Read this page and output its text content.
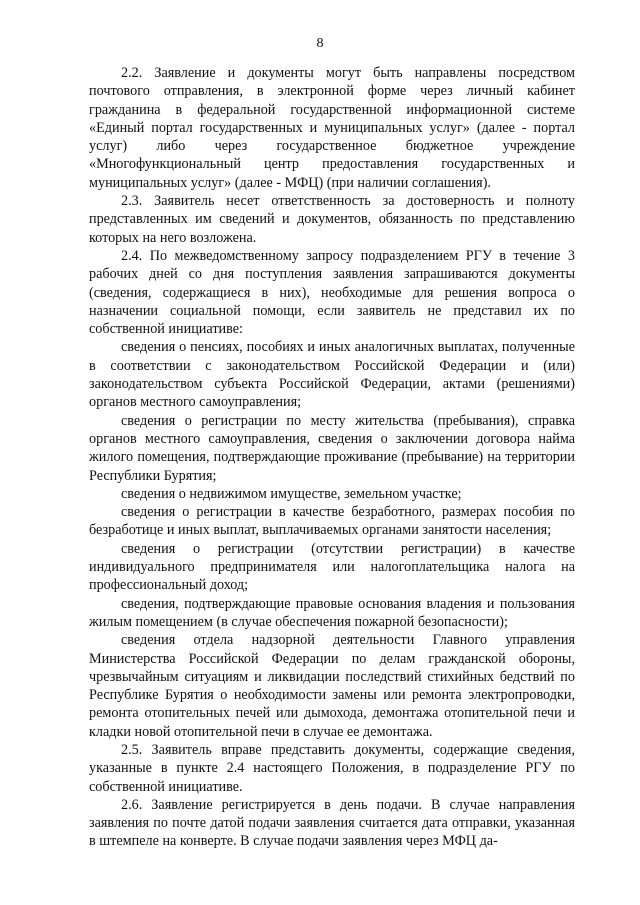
8

2.2. Заявление и документы могут быть направлены посредством почтового отправления, в электронной форме через личный кабинет гражданина в федеральной государственной информационной системе «Единый портал государственных и муниципальных услуг» (далее - портал услуг) либо через государственное бюджетное учреждение «Многофункциональный центр предоставления государственных и муниципальных услуг» (далее - МФЦ) (при наличии соглашения).

2.3. Заявитель несет ответственность за достоверность и полноту представленных им сведений и документов, обязанность по представлению которых на него возложена.

2.4. По межведомственному запросу подразделением РГУ в течение 3 рабочих дней со дня поступления заявления запрашиваются документы (сведения, содержащиеся в них), необходимые для решения вопроса о назначении социальной помощи, если заявитель не представил их по собственной инициативе:

сведения о пенсиях, пособиях и иных аналогичных выплатах, полученные в соответствии с законодательством Российской Федерации и (или) законодательством субъекта Российской Федерации, актами (решениями) органов местного самоуправления;

сведения о регистрации по месту жительства (пребывания), справка органов местного самоуправления, сведения о заключении договора найма жилого помещения, подтверждающие проживание (пребывание) на территории Республики Бурятия;

сведения о недвижимом имуществе, земельном участке;

сведения о регистрации в качестве безработного, размерах пособия по безработице и иных выплат, выплачиваемых органами занятости населения;

сведения о регистрации (отсутствии регистрации) в качестве индивидуального предпринимателя или налогоплательщика налога на профессиональный доход;

сведения, подтверждающие правовые основания владения и пользования жилым помещением (в случае обеспечения пожарной безопасности);

сведения отдела надзорной деятельности Главного управления Министерства Российской Федерации по делам гражданской обороны, чрезвычайным ситуациям и ликвидации последствий стихийных бедствий по Республике Бурятия о необходимости замены или ремонта электропроводки, ремонта отопительных печей или дымохода, демонтажа отопительной печи и кладки новой отопительной печи в случае ее демонтажа.

2.5. Заявитель вправе представить документы, содержащие сведения, указанные в пункте 2.4 настоящего Положения, в подразделение РГУ по собственной инициативе.

2.6. Заявление регистрируется в день подачи. В случае направления заявления по почте датой подачи заявления считается дата отправки, указанная в штемпеле на конверте. В случае подачи заявления через МФЦ да-
